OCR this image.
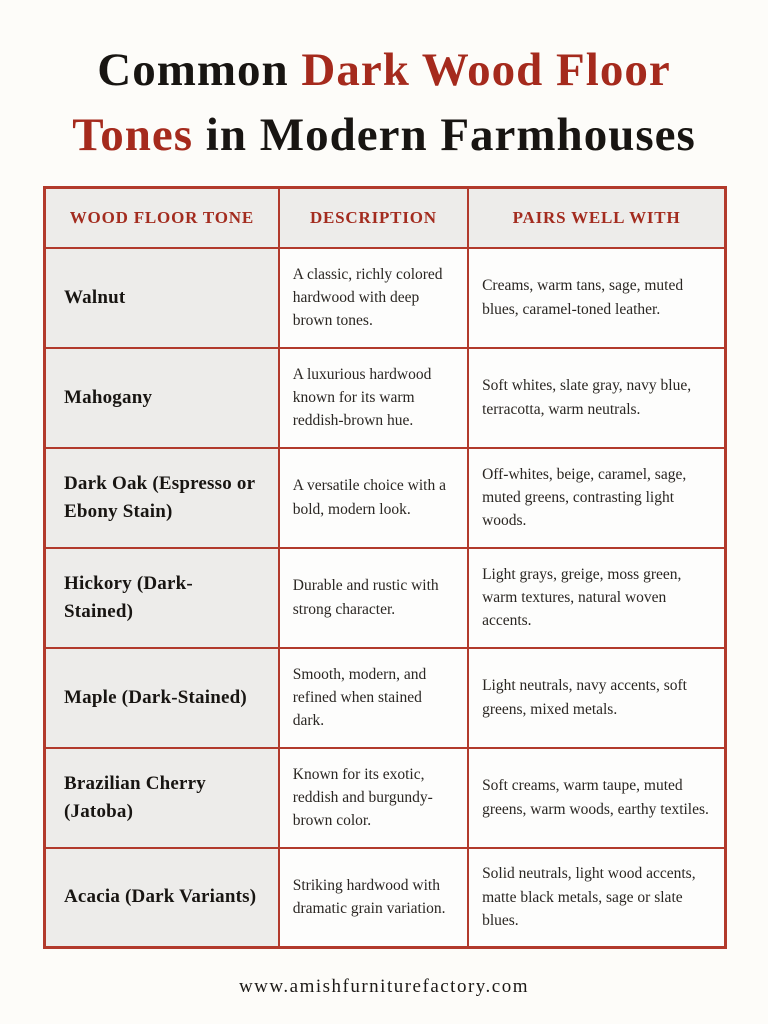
Common Dark Wood Floor
Tones in Modern Farmhouses
WOOD FLOOR TONE	DESCRIPTION	PAIRS WELL WITH
Walnut	A classic, richly colored hardwood with deep brown tones.	Creams, warm tans, sage, muted blues, caramel-toned leather.
Mahogany	A luxurious hardwood known for its warm reddish-brown hue.	Soft whites, slate gray, navy blue, terracotta, warm neutrals.
Dark Oak (Espresso or Ebony Stain)	A versatile choice with a bold, modern look.	Off-whites, beige, caramel, sage, muted greens, contrasting light woods.
Hickory (Dark-Stained)	Durable and rustic with strong character.	Light grays, greige, moss green, warm textures, natural woven accents.
Maple (Dark-Stained)	Smooth, modern, and refined when stained dark.	Light neutrals, navy accents, soft greens, mixed metals.
Brazilian Cherry (Jatoba)	Known for its exotic, reddish and burgundy-brown color.	Soft creams, warm taupe, muted greens, warm woods, earthy textiles.
Acacia (Dark Variants)	Striking hardwood with dramatic grain variation.	Solid neutrals, light wood accents, matte black metals, sage or slate blues.
www.amishfurniturefactory.com
